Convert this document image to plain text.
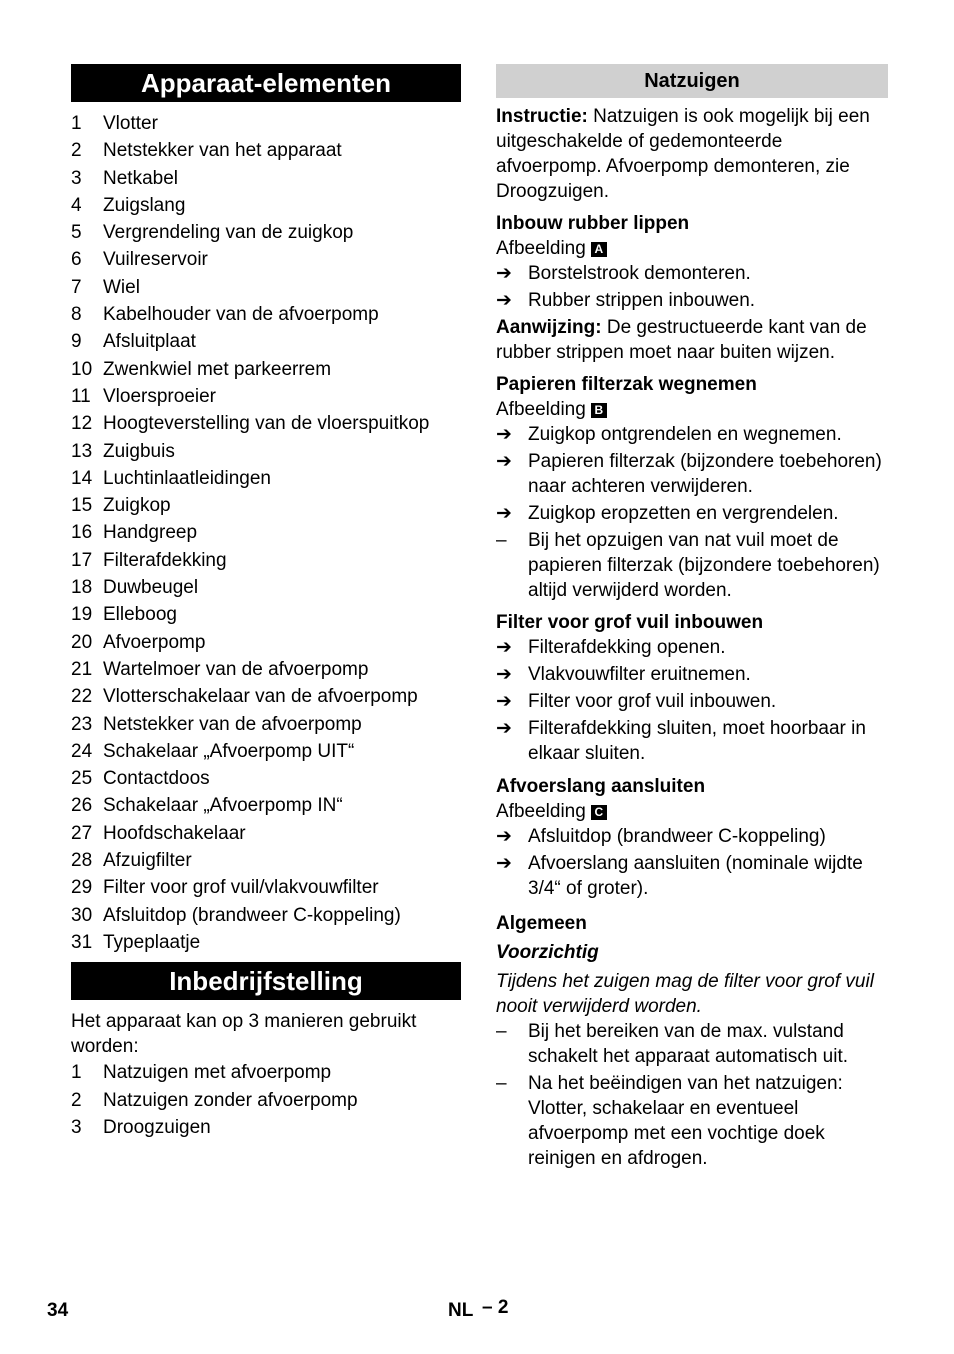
Apparaat-elementen
1	Vlotter
2	Netstekker van het apparaat
3	Netkabel
4	Zuigslang
5	Vergrendeling van de zuigkop
6	Vuilreservoir
7	Wiel
8	Kabelhouder van de afvoerpomp
9	Afsluitplaat
10 Zwenkwiel met parkeerrem
11 Vloersproeier
12 Hoogteverstelling van de vloerspuitkop
13 Zuigbuis
14 Luchtinlaatleidingen
15 Zuigkop
16 Handgreep
17 Filterafdekking
18 Duwbeugel
19 Elleboog
20 Afvoerpomp
21 Wartelmoer van de afvoerpomp
22 Vlotterschakelaar van de afvoerpomp
23 Netstekker van de afvoerpomp
24 Schakelaar „Afvoerpomp UIT“
25 Contactdoos
26 Schakelaar „Afvoerpomp IN“
27 Hoofdschakelaar
28 Afzuigfilter
29 Filter voor grof vuil/vlakvouwfilter
30 Afsluitdop (brandweer C-koppeling)
31 Typeplaatje
Inbedrijfstelling
Het apparaat kan op 3 manieren gebruikt worden:
1	Natzuigen met afvoerpomp
2	Natzuigen zonder afvoerpomp
3	Droogzuigen
Natzuigen
Instructie: Natzuigen is ook mogelijk bij een uitgeschakelde of gedemonteerde afvoerpomp. Afvoerpomp demonteren, zie Droogzuigen.
Inbouw rubber lippen
Afbeelding A
➔ Borstelstrook demonteren.
➔ Rubber strippen inbouwen.
Aanwijzing: De gestructueerde kant van de rubber strippen moet naar buiten wijzen.
Papieren filterzak wegnemen
Afbeelding B
➔ Zuigkop ontgrendelen en wegnemen.
➔ Papieren filterzak (bijzondere toebehoren) naar achteren verwijderen.
➔ Zuigkop eropzetten en vergrendelen.
–	Bij het opzuigen van nat vuil moet de papieren filterzak (bijzondere toebehoren) altijd verwijderd worden.
Filter voor grof vuil inbouwen
➔ Filterafdekking openen.
➔ Vlakvouwfilter eruitnemen.
➔ Filter voor grof vuil inbouwen.
➔ Filterafdekking sluiten, moet hoorbaar in elkaar sluiten.
Afvoerslang aansluiten
Afbeelding C
➔ Afsluitdop (brandweer C-koppeling)
➔ Afvoerslang aansluiten (nominale wijdte 3/4“ of groter).
Algemeen
Voorzichtig
Tijdens het zuigen mag de filter voor grof vuil nooit verwijderd worden.
–	Bij het bereiken van de max. vulstand schakelt het apparaat automatisch uit.
–	Na het beëindigen van het natzuigen: Vlotter, schakelaar en eventueel afvoerpomp met een vochtige doek reinigen en afdrogen.
34	NL – 2
